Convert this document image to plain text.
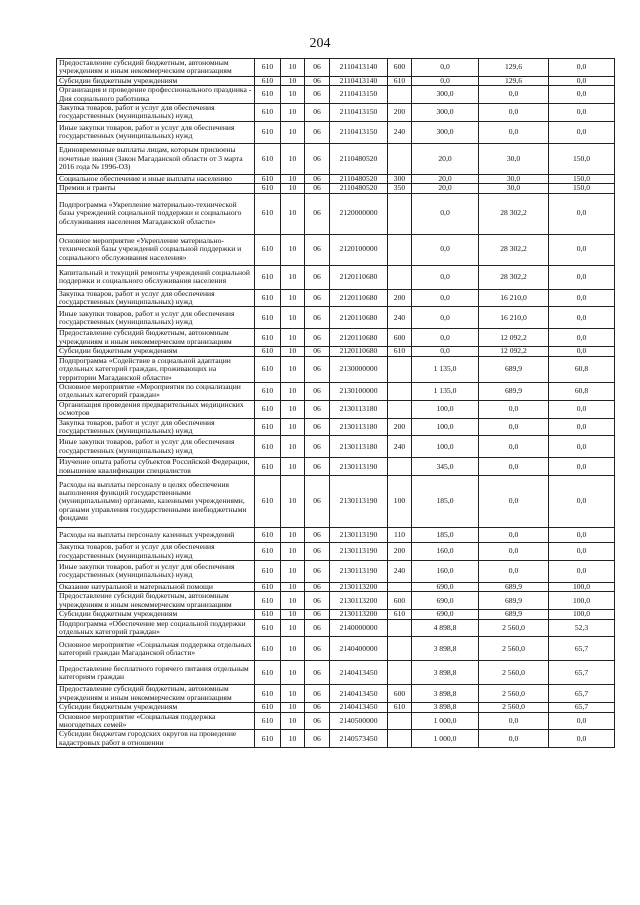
204
Предоставление субсидий бюджетным, автономным учреждениям и иным некоммерческим организациям	610	10	06	2110413140	600	0,0	129,6	0,0
Субсидии бюджетным учреждениям	610	10	06	2110413140	610	0,0	129,6	0,0
Организация и проведение профессионального праздника - Дня социального работника	610	10	06	2110413150		300,0	0,0	0,0
Закупка товаров, работ и услуг для обеспечения государственных (муниципальных) нужд	610	10	06	2110413150	200	300,0	0,0	0,0
Иные закупки товаров, работ и услуг для обеспечения государственных (муниципальных) нужд	610	10	06	2110413150	240	300,0	0,0	0,0
Единовременные выплаты лицам, которым присвоены почетные звания (Закон Магаданской области от 3 марта 2016 года № 1996-ОЗ)	610	10	06	2110480520		20,0	30,0	150,0
Социальное обеспечение и иные выплаты населению	610	10	06	2110480520	300	20,0	30,0	150,0
Премии и гранты	610	10	06	2110480520	350	20,0	30,0	150,0
Подпрограмма «Укрепление материально-технической базы учреждений социальной поддержки и социального обслуживания населения Магаданской области»	610	10	06	2120000000		0,0	28 302,2	0,0
Основное мероприятие «Укрепление материально-технической базы учреждений социальной поддержки и социального обслуживания населения»	610	10	06	2120100000		0,0	28 302,2	0,0
Капитальный и текущий ремонты учреждений социальной поддержки и социального обслуживания населения	610	10	06	2120110680		0,0	28 302,2	0,0
Закупка товаров, работ и услуг для обеспечения государственных (муниципальных) нужд	610	10	06	2120110680	200	0,0	16 210,0	0,0
Иные закупки товаров, работ и услуг для обеспечения государственных (муниципальных) нужд	610	10	06	2120110680	240	0,0	16 210,0	0,0
Предоставление субсидий бюджетным, автономным учреждениям и иным некоммерческим организациям	610	10	06	2120110680	600	0,0	12 092,2	0,0
Субсидии бюджетным учреждениям	610	10	06	2120110680	610	0,0	12 092,2	0,0
Подпрограмма «Содействие в социальной адаптации отдельных категорий граждан, проживающих на территории Магаданской области»	610	10	06	2130000000		1 135,0	689,9	60,8
Основное мероприятие «Мероприятия по социализации отдельных категорий граждан»	610	10	06	2130100000		1 135,0	689,9	60,8
Организация проведения предварительных медицинских осмотров	610	10	06	2130113180		100,0	0,0	0,0
Закупка товаров, работ и услуг для обеспечения государственных (муниципальных) нужд	610	10	06	2130113180	200	100,0	0,0	0,0
Иные закупки товаров, работ и услуг для обеспечения государственных (муниципальных) нужд	610	10	06	2130113180	240	100,0	0,0	0,0
Изучение опыта работы субъектов Российской Федерации, повышение квалификации специалистов	610	10	06	2130113190		345,0	0,0	0,0
Расходы на выплаты персоналу в целях обеспечения выполнения функций государственными (муниципальными) органами, казенными учреждениями, органами управления государственными внебюджетными фондами	610	10	06	2130113190	100	185,0	0,0	0,0
Расходы на выплаты персоналу казенных учреждений	610	10	06	2130113190	110	185,0	0,0	0,0
Закупка товаров, работ и услуг для обеспечения государственных (муниципальных) нужд	610	10	06	2130113190	200	160,0	0,0	0,0
Иные закупки товаров, работ и услуг для обеспечения государственных (муниципальных) нужд	610	10	06	2130113190	240	160,0	0,0	0,0
Оказание натуральной и материальной помощи	610	10	06	2130113200		690,0	689,9	100,0
Предоставление субсидий бюджетным, автономным учреждениям и иным некоммерческим организациям	610	10	06	2130113200	600	690,0	689,9	100,0
Субсидии бюджетным учреждениям	610	10	06	2130113200	610	690,0	689,9	100,0
Подпрограмма «Обеспечение мер социальной поддержки отдельных категорий граждан»	610	10	06	2140000000		4 898,8	2 560,0	52,3
Основное мероприятие «Социальная поддержка отдельных категорий граждан Магаданской области»	610	10	06	2140400000		3 898,8	2 560,0	65,7
Предоставление бесплатного горячего питания отдельным категориям граждан	610	10	06	2140413450		3 898,8	2 560,0	65,7
Предоставление субсидий бюджетным, автономным учреждениям и иным некоммерческим организациям	610	10	06	2140413450	600	3 898,8	2 560,0	65,7
Субсидии бюджетным учреждениям	610	10	06	2140413450	610	3 898,8	2 560,0	65,7
Основное мероприятие «Социальная поддержка многодетных семей»	610	10	06	2140500000		1 000,0	0,0	0,0
Субсидии бюджетам городских округов на проведение кадастровых работ в отношении	610	10	06	2140573450		1 000,0	0,0	0,0
